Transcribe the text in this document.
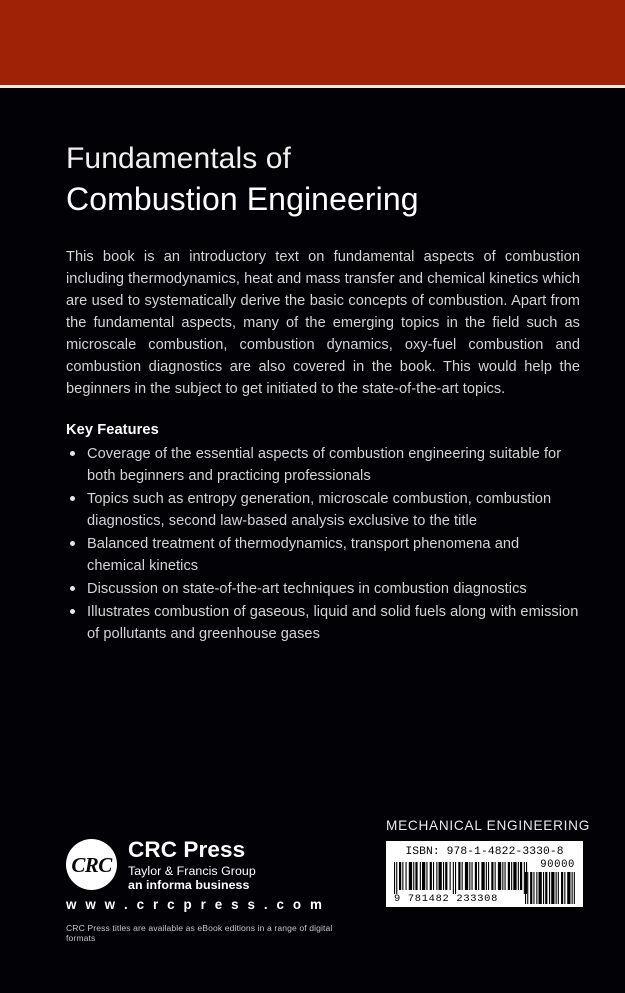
Fundamentals of
Combustion Engineering

This book is an introductory text on fundamental aspects of combustion including thermodynamics, heat and mass transfer and chemical kinetics which are used to systematically derive the basic concepts of combustion. Apart from the fundamental aspects, many of the emerging topics in the field such as microscale combustion, combustion dynamics, oxy-fuel combustion and combustion diagnostics are also covered in the book. This would help the beginners in the subject to get initiated to the state-of-the-art topics.

Key Features
Coverage of the essential aspects of combustion engineering suitable for both beginners and practicing professionals
Topics such as entropy generation, microscale combustion, combustion diagnostics, second law-based analysis exclusive to the title
Balanced treatment of thermodynamics, transport phenomena and chemical kinetics
Discussion on state-of-the-art techniques in combustion diagnostics
Illustrates combustion of gaseous, liquid and solid fuels along with emission of pollutants and greenhouse gases
CRC
CRC Press
Taylor & Francis Group
an informa business
w w w . c r c p r e s s . c o m
CRC Press titles are available as eBook editions in a range of digital formats
MECHANICAL ENGINEERING
ISBN: 978-1-4822-3330-8
90000
9 781482 233308
